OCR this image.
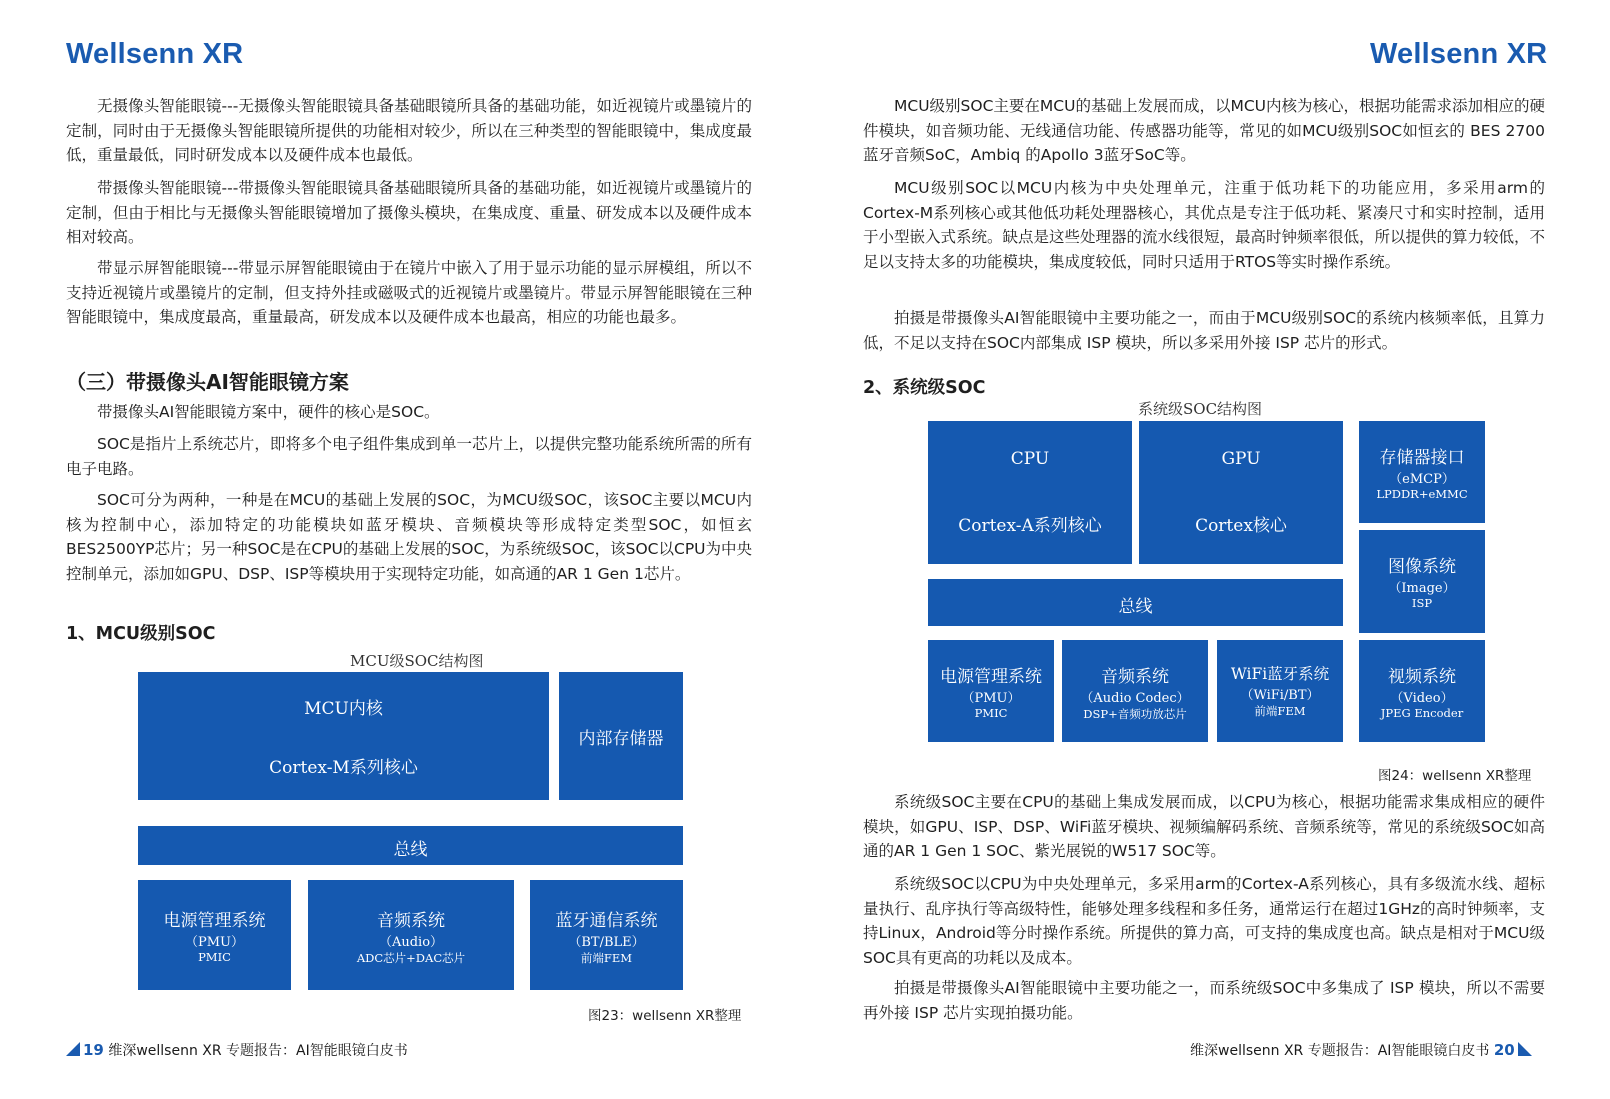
Wellsenn XR	Wellsenn XR

无摄像头智能眼镜---无摄像头智能眼镜具备基础眼镜所具备的基础功能，如近视镜片或墨镜片的定制，同时由于无摄像头智能眼镜所提供的功能相对较少，所以在三种类型的智能眼镜中，集成度最低，重量最低，同时研发成本以及硬件成本也最低。

带摄像头智能眼镜---带摄像头智能眼镜具备基础眼镜所具备的基础功能，如近视镜片或墨镜片的定制，但由于相比与无摄像头智能眼镜增加了摄像头模块，在集成度、重量、研发成本以及硬件成本相对较高。

带显示屏智能眼镜---带显示屏智能眼镜由于在镜片中嵌入了用于显示功能的显示屏模组，所以不支持近视镜片或墨镜片的定制，但支持外挂或磁吸式的近视镜片或墨镜片。带显示屏智能眼镜在三种智能眼镜中，集成度最高，重量最高，研发成本以及硬件成本也最高，相应的功能也最多。

（三）带摄像头AI智能眼镜方案

带摄像头AI智能眼镜方案中，硬件的核心是SOC。

SOC是指片上系统芯片，即将多个电子组件集成到单一芯片上，以提供完整功能系统所需的所有电子电路。

SOC可分为两种，一种是在MCU的基础上发展的SOC，为MCU级SOC，该SOC主要以MCU内核为控制中心，添加特定的功能模块如蓝牙模块、音频模块等形成特定类型SOC，如恒玄BES2500YP芯片；另一种SOC是在CPU的基础上发展的SOC，为系统级SOC，该SOC以CPU为中央控制单元，添加如GPU、DSP、ISP等模块用于实现特定功能，如高通的AR 1 Gen 1芯片。

1、MCU级别SOC
MCU级SOC结构图
MCU内核
Cortex-M系列核心
内部存储器
总线
电源管理系统
（PMU）
PMIC
音频系统
（Audio）
ADC芯片+DAC芯片
蓝牙通信系统
（BT/BLE）
前端FEM
图23：wellsenn XR整理
19 维深wellsenn XR 专题报告：AI智能眼镜白皮书

MCU级别SOC主要在MCU的基础上发展而成，以MCU内核为核心，根据功能需求添加相应的硬件模块，如音频功能、无线通信功能、传感器功能等，常见的如MCU级别SOC如恒玄的 BES 2700蓝牙音频SoC，Ambiq 的Apollo 3蓝牙SoC等。

MCU级别SOC以MCU内核为中央处理单元，注重于低功耗下的功能应用，多采用arm的Cortex-M系列核心或其他低功耗处理器核心，其优点是专注于低功耗、紧凑尺寸和实时控制，适用于小型嵌入式系统。缺点是这些处理器的流水线很短，最高时钟频率很低，所以提供的算力较低，不足以支持太多的功能模块，集成度较低，同时只适用于RTOS等实时操作系统。

拍摄是带摄像头AI智能眼镜中主要功能之一，而由于MCU级别SOC的系统内核频率低，且算力低，不足以支持在SOC内部集成 ISP 模块，所以多采用外接 ISP 芯片的形式。

2、系统级SOC
系统级SOC结构图
CPU
Cortex-A系列核心
GPU
Cortex核心
存储器接口
（eMCP）
LPDDR+eMMC
总线
图像系统
（Image）
ISP
电源管理系统
（PMU）
PMIC
音频系统
（Audio Codec）
DSP+音频功放芯片
WiFi蓝牙系统
（WiFi/BT）
前端FEM
视频系统
（Video）
JPEG Encoder
图24：wellsenn XR整理

系统级SOC主要在CPU的基础上集成发展而成，以CPU为核心，根据功能需求集成相应的硬件模块，如GPU、ISP、DSP、WiFi蓝牙模块、视频编解码系统、音频系统等，常见的系统级SOC如高通的AR 1 Gen 1 SOC、紫光展锐的W517 SOC等。

系统级SOC以CPU为中央处理单元，多采用arm的Cortex-A系列核心，具有多级流水线、超标量执行、乱序执行等高级特性，能够处理多线程和多任务，通常运行在超过1GHz的高时钟频率，支持Linux，Android等分时操作系统。所提供的算力高，可支持的集成度也高。缺点是相对于MCU级SOC具有更高的功耗以及成本。

拍摄是带摄像头AI智能眼镜中主要功能之一，而系统级SOC中多集成了 ISP 模块，所以不需要再外接 ISP 芯片实现拍摄功能。

维深wellsenn XR 专题报告：AI智能眼镜白皮书 20
